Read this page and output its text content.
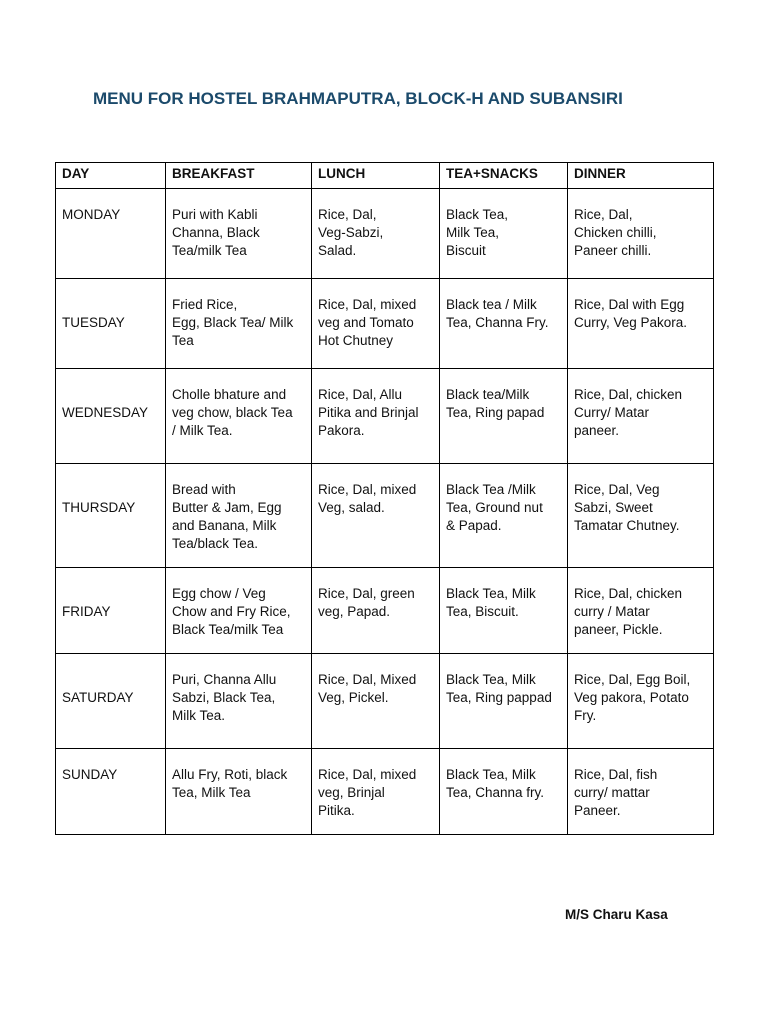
MENU FOR HOSTEL BRAHMAPUTRA, BLOCK-H AND SUBANSIRI
DAY	BREAKFAST	LUNCH	TEA+SNACKS	DINNER

MONDAY	Puri with Kabli
Channa, Black
Tea/milk Tea	Rice, Dal,
Veg-Sabzi,
Salad.	Black Tea,
Milk Tea,
Biscuit	Rice, Dal,
Chicken chilli,
Paneer chilli.

TUESDAY	Fried Rice,
Egg, Black Tea/ Milk
Tea	Rice, Dal, mixed
veg and Tomato
Hot Chutney	Black tea / Milk
Tea, Channa Fry.	Rice, Dal with Egg
Curry, Veg Pakora.

WEDNESDAY	Cholle bhature and
veg chow, black Tea
/ Milk Tea.	Rice, Dal, Allu
Pitika and Brinjal
Pakora.	Black tea/Milk
Tea, Ring papad	Rice, Dal, chicken
Curry/ Matar
paneer.

THURSDAY	Bread with
Butter & Jam, Egg
and Banana, Milk
Tea/black Tea.	Rice, Dal, mixed
Veg, salad.	Black Tea /Milk
Tea, Ground nut
& Papad.	Rice, Dal, Veg
Sabzi, Sweet
Tamatar Chutney.

FRIDAY	Egg chow / Veg
Chow and Fry Rice,
Black Tea/milk Tea	Rice, Dal, green
veg, Papad.	Black Tea, Milk
Tea, Biscuit.	Rice, Dal, chicken
curry / Matar
paneer, Pickle.

SATURDAY	Puri, Channa Allu
Sabzi, Black Tea,
Milk Tea.	Rice, Dal, Mixed
Veg, Pickel.	Black Tea, Milk
Tea, Ring pappad	Rice, Dal, Egg Boil,
Veg pakora, Potato
Fry.

SUNDAY	Allu Fry, Roti, black
Tea, Milk Tea	Rice, Dal, mixed
veg, Brinjal
Pitika.	Black Tea, Milk
Tea, Channa fry.	Rice, Dal, fish
curry/ mattar
Paneer.
M/S Charu Kasa
